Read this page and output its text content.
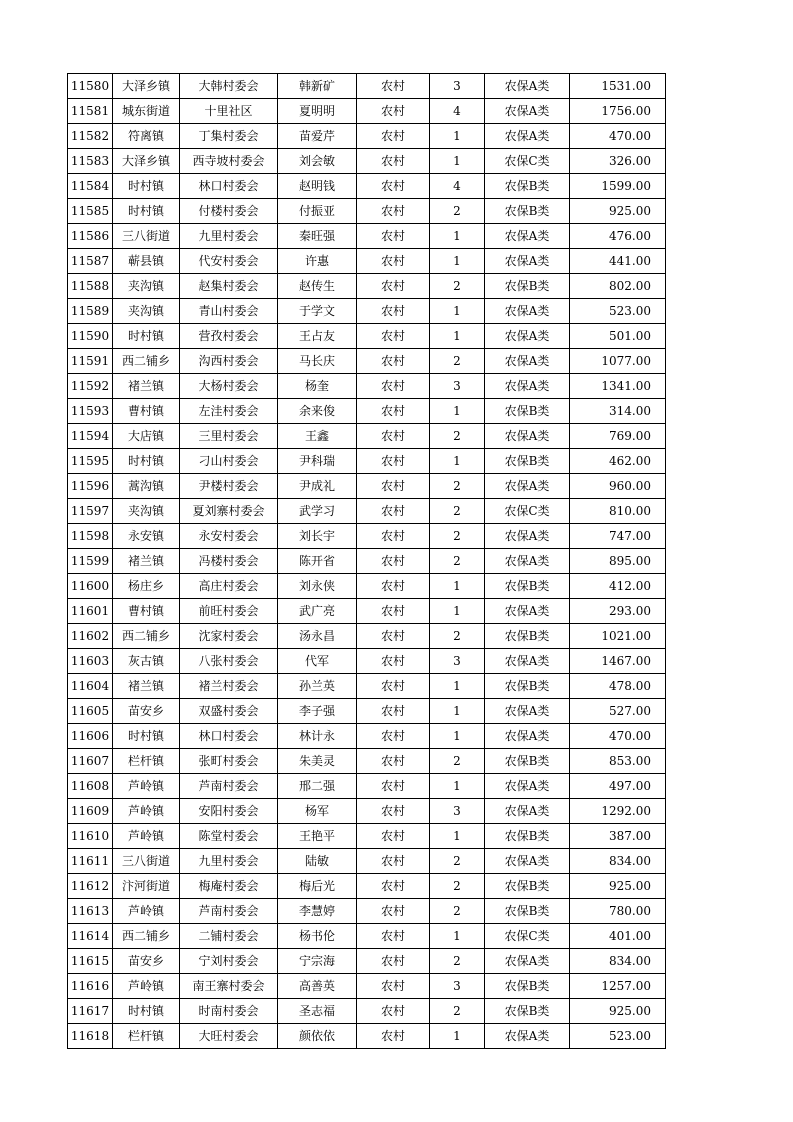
11580	大泽乡镇	大韩村委会	韩新矿	农村	3	农保A类	1531.00
11581	城东街道	十里社区	夏明明	农村	4	农保A类	1756.00
11582	符离镇	丁集村委会	苗爱芹	农村	1	农保A类	470.00
11583	大泽乡镇	西寺坡村委会	刘会敏	农村	1	农保C类	326.00
11584	时村镇	林口村委会	赵明钱	农村	4	农保B类	1599.00
11585	时村镇	付楼村委会	付振亚	农村	2	农保B类	925.00
11586	三八街道	九里村委会	秦旺强	农村	1	农保A类	476.00
11587	蕲县镇	代安村委会	许惠	农村	1	农保A类	441.00
11588	夹沟镇	赵集村委会	赵传生	农村	2	农保B类	802.00
11589	夹沟镇	青山村委会	于学文	农村	1	农保A类	523.00
11590	时村镇	营孜村委会	王占友	农村	1	农保A类	501.00
11591	西二铺乡	沟西村委会	马长庆	农村	2	农保A类	1077.00
11592	褚兰镇	大杨村委会	杨奎	农村	3	农保A类	1341.00
11593	曹村镇	左洼村委会	余来俊	农村	1	农保B类	314.00
11594	大店镇	三里村委会	王鑫	农村	2	农保A类	769.00
11595	时村镇	刁山村委会	尹科瑞	农村	1	农保B类	462.00
11596	蒿沟镇	尹楼村委会	尹成礼	农村	2	农保A类	960.00
11597	夹沟镇	夏刘寨村委会	武学习	农村	2	农保C类	810.00
11598	永安镇	永安村委会	刘长宇	农村	2	农保A类	747.00
11599	褚兰镇	冯楼村委会	陈开省	农村	2	农保A类	895.00
11600	杨庄乡	高庄村委会	刘永侠	农村	1	农保B类	412.00
11601	曹村镇	前旺村委会	武广亮	农村	1	农保A类	293.00
11602	西二铺乡	沈家村委会	汤永昌	农村	2	农保B类	1021.00
11603	灰古镇	八张村委会	代军	农村	3	农保A类	1467.00
11604	褚兰镇	褚兰村委会	孙兰英	农村	1	农保B类	478.00
11605	苗安乡	双盛村委会	李子强	农村	1	农保A类	527.00
11606	时村镇	林口村委会	林计永	农村	1	农保A类	470.00
11607	栏杆镇	张町村委会	朱美灵	农村	2	农保B类	853.00
11608	芦岭镇	芦南村委会	邢二强	农村	1	农保A类	497.00
11609	芦岭镇	安阳村委会	杨军	农村	3	农保A类	1292.00
11610	芦岭镇	陈堂村委会	王艳平	农村	1	农保B类	387.00
11611	三八街道	九里村委会	陆敏	农村	2	农保A类	834.00
11612	汴河街道	梅庵村委会	梅后光	农村	2	农保B类	925.00
11613	芦岭镇	芦南村委会	李慧婷	农村	2	农保B类	780.00
11614	西二铺乡	二铺村委会	杨书伦	农村	1	农保C类	401.00
11615	苗安乡	宁刘村委会	宁宗海	农村	2	农保A类	834.00
11616	芦岭镇	南王寨村委会	高善英	农村	3	农保B类	1257.00
11617	时村镇	时南村委会	圣志福	农村	2	农保B类	925.00
11618	栏杆镇	大旺村委会	颜依依	农村	1	农保A类	523.00
